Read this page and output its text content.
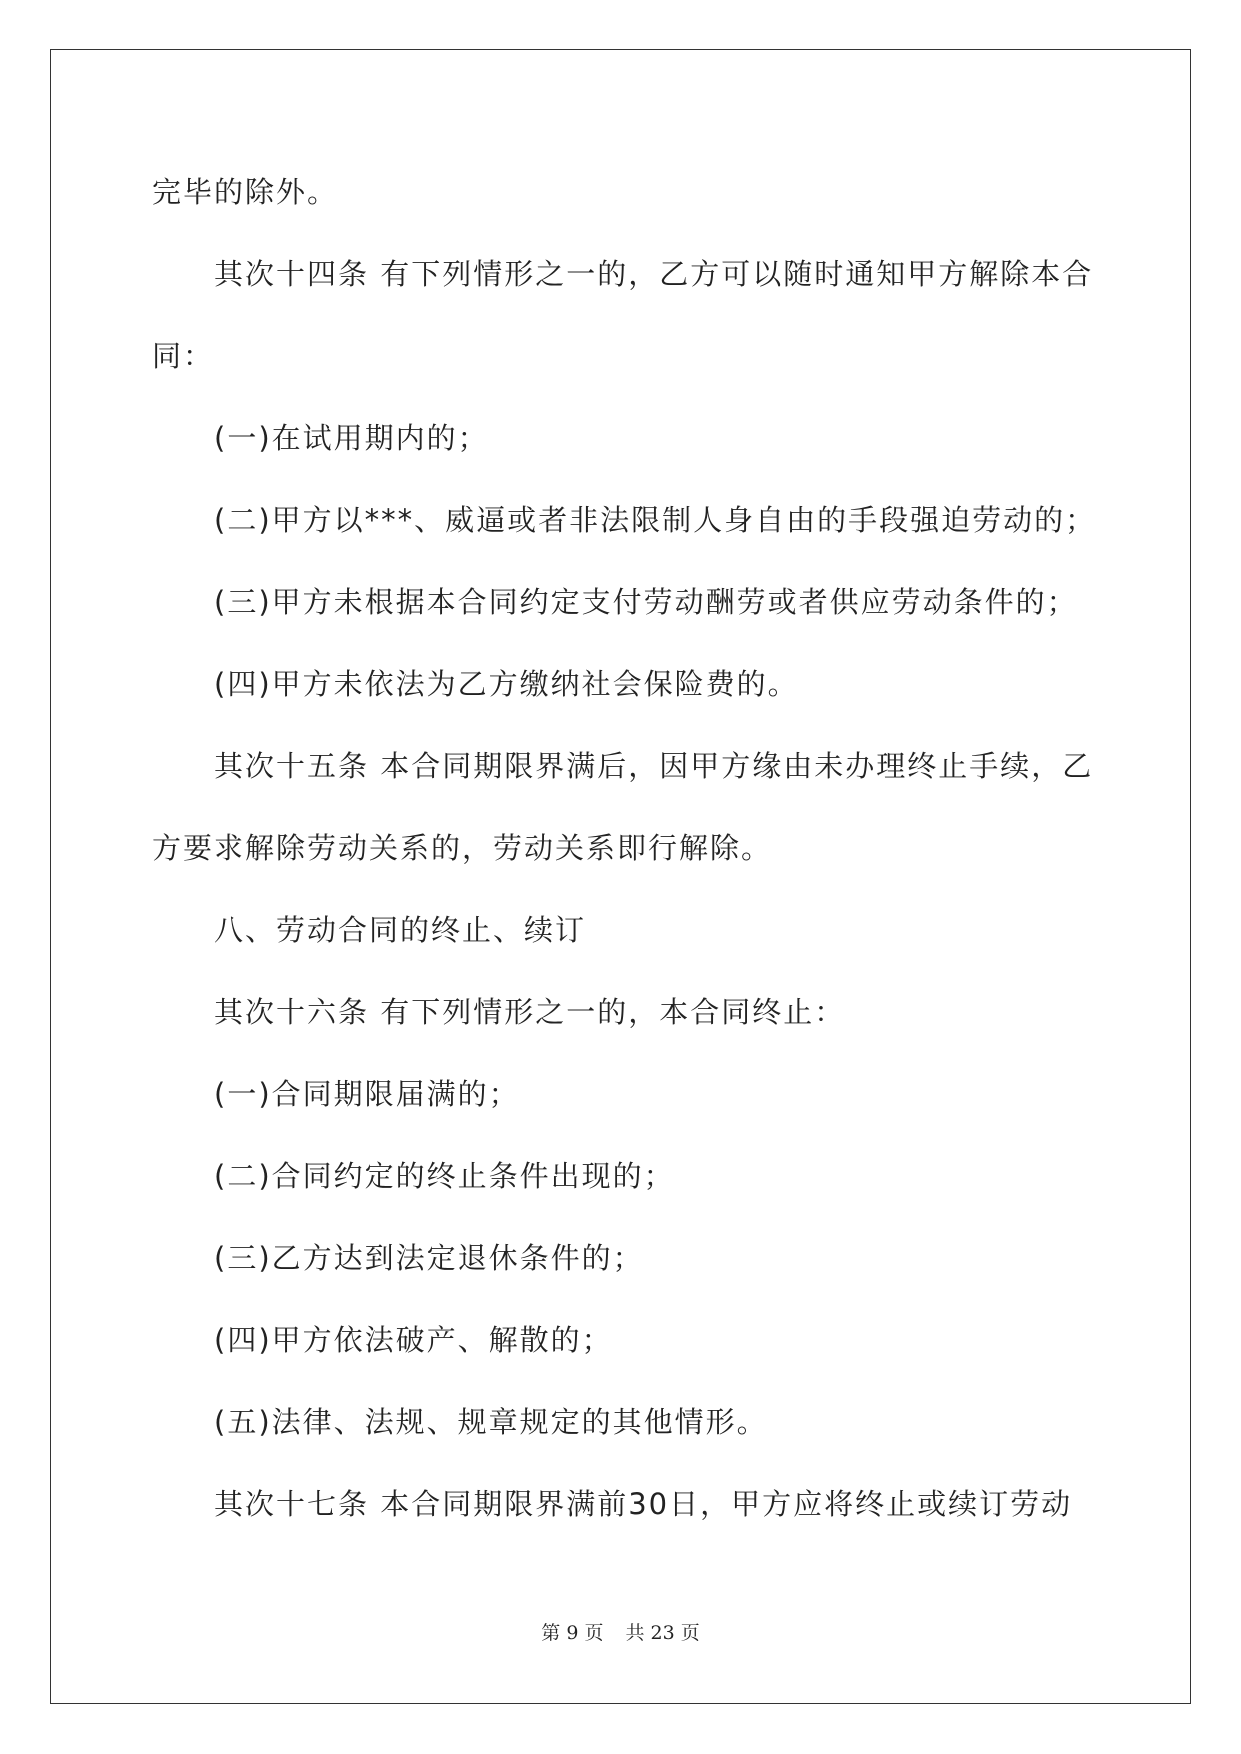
完毕的除外。
其次十四条 有下列情形之一的，乙方可以随时通知甲方解除本合
同：
(一)在试用期内的；
(二)甲方以***、威逼或者非法限制人身自由的手段强迫劳动的；
(三)甲方未根据本合同约定支付劳动酬劳或者供应劳动条件的；
(四)甲方未依法为乙方缴纳社会保险费的。
其次十五条 本合同期限界满后，因甲方缘由未办理终止手续，乙
方要求解除劳动关系的，劳动关系即行解除。
八、劳动合同的终止、续订
其次十六条 有下列情形之一的，本合同终止：
(一)合同期限届满的；
(二)合同约定的终止条件出现的；
(三)乙方达到法定退休条件的；
(四)甲方依法破产、解散的；
(五)法律、法规、规章规定的其他情形。
其次十七条 本合同期限界满前30日，甲方应将终止或续订劳动
第 9 页 共 23 页
